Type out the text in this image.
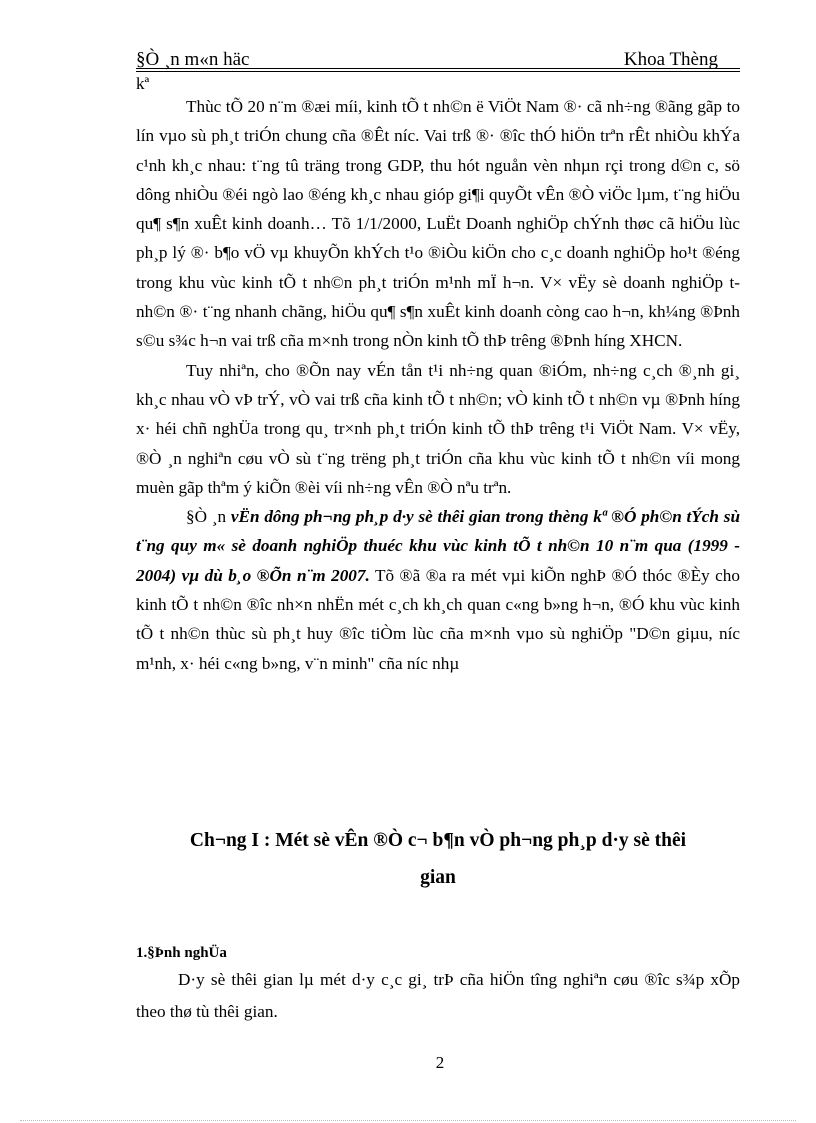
§Ò ¸n m«n häc	Khoa Thèng
kª

Thùc tÕ 20 n¨m ®æi míi, kinh tÕ t nh©n ë ViÖt Nam ®· cã nh÷ng ®ãng gãp to lín vµo sù ph¸t triÓn chung cña ®Êt níc. Vai trß ®· ®îc thÓ hiÖn trªn rÊt nhiÒu khÝa c¹nh kh¸c nhau: t¨ng tû träng trong GDP, thu hót nguån vèn nhµn rçi trong d©n c, sö dông nhiÒu ®éi ngò lao ®éng kh¸c nhau gióp gi¶i quyÕt vÊn ®Ò viÖc lµm, t¨ng hiÖu qu¶ s¶n xuÊt kinh doanh… Tõ 1/1/2000, LuËt Doanh nghiÖp chÝnh thøc cã hiÖu lùc ph¸p lý ®· b¶o vÖ vµ khuyÕn khÝch t¹o ®iÒu kiÖn cho c¸c doanh nghiÖp ho¹t ®éng trong khu vùc kinh tÕ t nh©n ph¸t triÓn m¹nh mÏ h¬n. V× vËy sè doanh nghiÖp t nh©n ®· t¨ng nhanh chãng, hiÖu qu¶ s¶n xuÊt kinh doanh còng cao h¬n, kh¼ng ®Þnh s©u s¾c h¬n vai trß cña m×nh trong nÒn kinh tÕ thÞ trêng ®Þnh híng XHCN.

Tuy nhiªn, cho ®Õn nay vÉn tån t¹i nh÷ng quan ®iÓm, nh÷ng c¸ch ®¸nh gi¸ kh¸c nhau vÒ vÞ trÝ, vÒ vai trß cña kinh tÕ t nh©n; vÒ kinh tÕ t nh©n vµ ®Þnh híng x· héi chñ nghÜa trong qu¸ tr×nh ph¸t triÓn kinh tÕ thÞ trêng t¹i ViÖt Nam. V× vËy, ®Ò ¸n nghiªn cøu vÒ sù t¨ng trëng ph¸t triÓn cña khu vùc kinh tÕ t nh©n víi mong muèn gãp thªm ý kiÕn ®èi víi nh÷ng vÊn ®Ò nªu trªn.

§Ò ¸n vËn dông ph¬ng ph¸p d·y sè thêi gian trong thèng kª ®Ó ph©n tÝch sù t¨ng quy m« sè doanh nghiÖp thuéc khu vùc kinh tÕ t nh©n 10 n¨m qua (1999 - 2004) vµ dù b¸o ®Õn n¨m 2007. Tõ ®ã ®a ra mét vµi kiÕn nghÞ ®Ó thóc ®Èy cho kinh tÕ t nh©n ®îc nh×n nhËn mét c¸ch kh¸ch quan c«ng b»ng h¬n, ®Ó khu vùc kinh tÕ t nh©n thùc sù ph¸t huy ®îc tiÒm lùc cña m×nh vµo sù nghiÖp "D©n giµu, níc m¹nh, x· héi c«ng b»ng, v¨n minh" cña níc nhµ

Ch¬ng I : Mét sè vÊn ®Ò c¬ b¶n vÒ ph¬ng ph¸p d·y sè thêi
gian
1.§Þnh nghÜa

D·y sè thêi gian lµ mét d·y c¸c gi¸ trÞ cña hiÖn tîng nghiªn cøu ®îc s¾p xÕp theo thø tù thêi gian.

2
